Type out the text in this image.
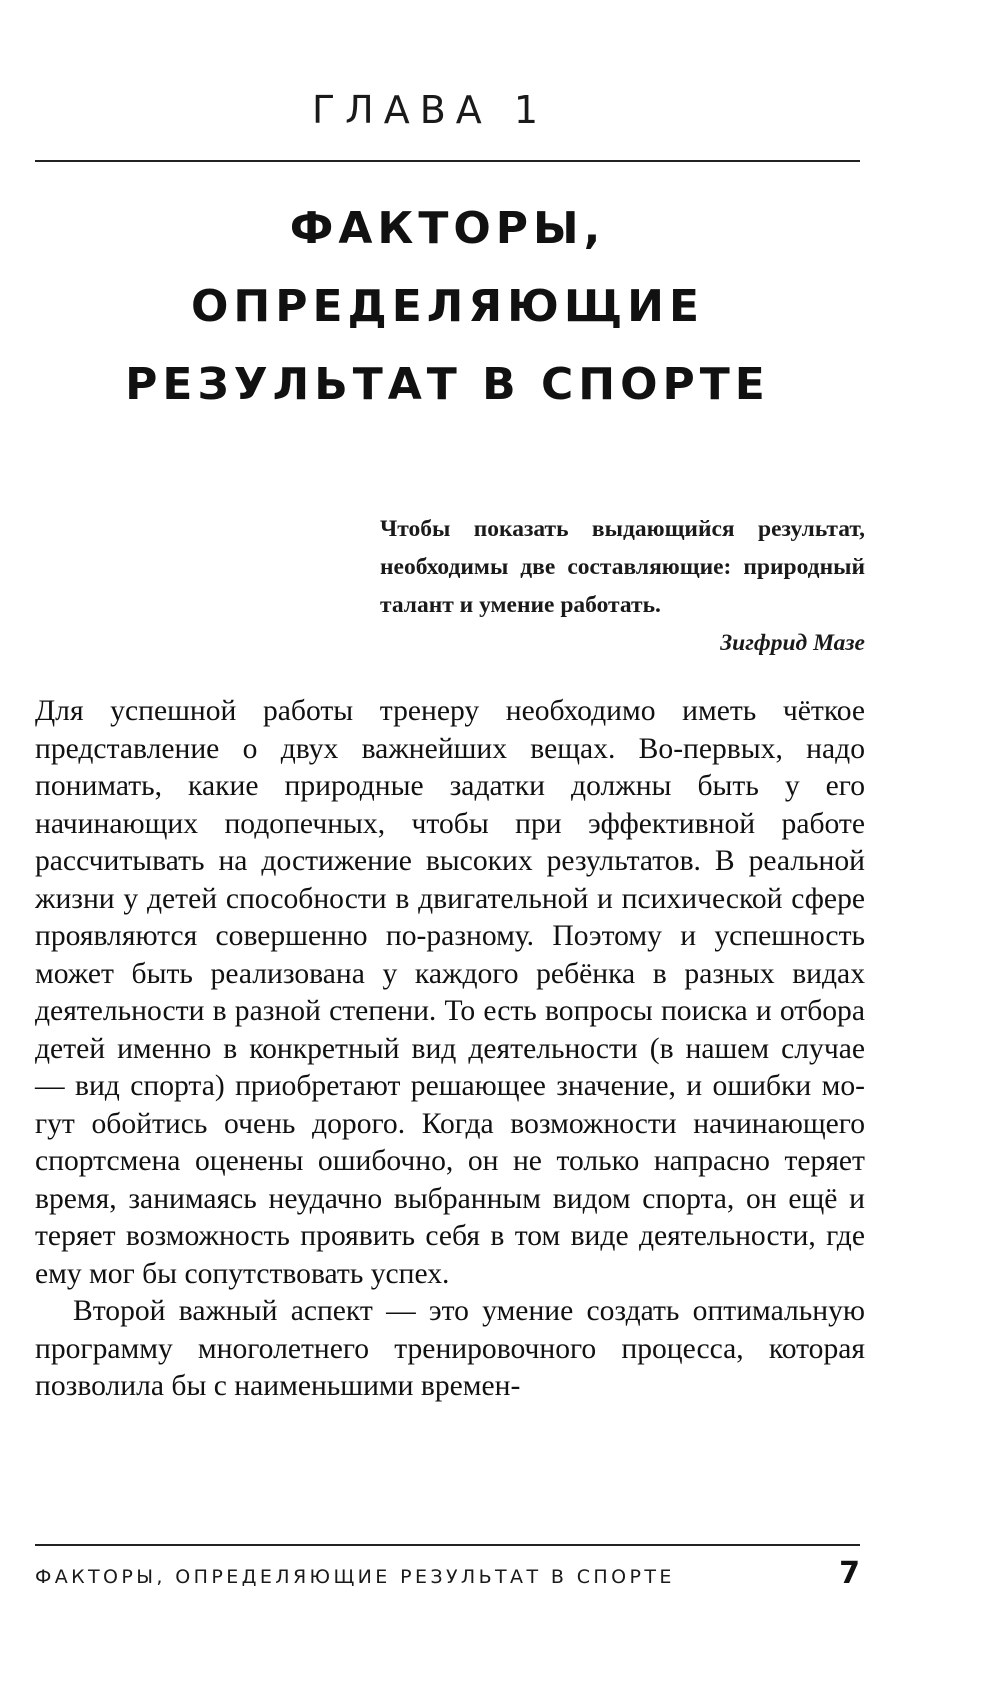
ГЛАВА 1
ФАКТОРЫ, ОПРЕДЕЛЯЮЩИЕ РЕЗУЛЬТАТ В СПОРТЕ

Чтобы показать выдающийся результат, необходимы две составляющие: природный талант и умение работать.

Зигфрид Мазе

Для успешной работы тренеру необходимо иметь чёткое представление о двух важнейших вещах. Во-первых, надо понимать, какие природные задатки должны быть у его начинающих подопечных, чтобы при эффективной работе рассчитывать на достижение высоких результатов. В реальной жизни у детей способности в двигательной и психической сфере проявляются совершенно по-разному. Поэтому и успешность может быть реализована у каждого ребёнка в разных видах деятельности в разной степени. То есть вопросы поиска и отбора детей именно в конкретный вид деятельности (в нашем случае — вид спорта) приобретают решающее значение, и ошибки могут обойтись очень дорого. Когда возможности начинающего спортсмена оценены ошибочно, он не только напрасно теряет время, занимаясь неудачно выбранным видом спорта, он ещё и теряет возможность проявить себя в том виде деятельности, где ему мог бы сопутствовать успех.

Второй важный аспект — это умение создать оптимальную программу многолетнего тренировочного процесса, которая позволила бы с наименьшими времен-

ФАКТОРЫ, ОПРЕДЕЛЯЮЩИЕ РЕЗУЛЬТАТ В СПОРТЕ	7
